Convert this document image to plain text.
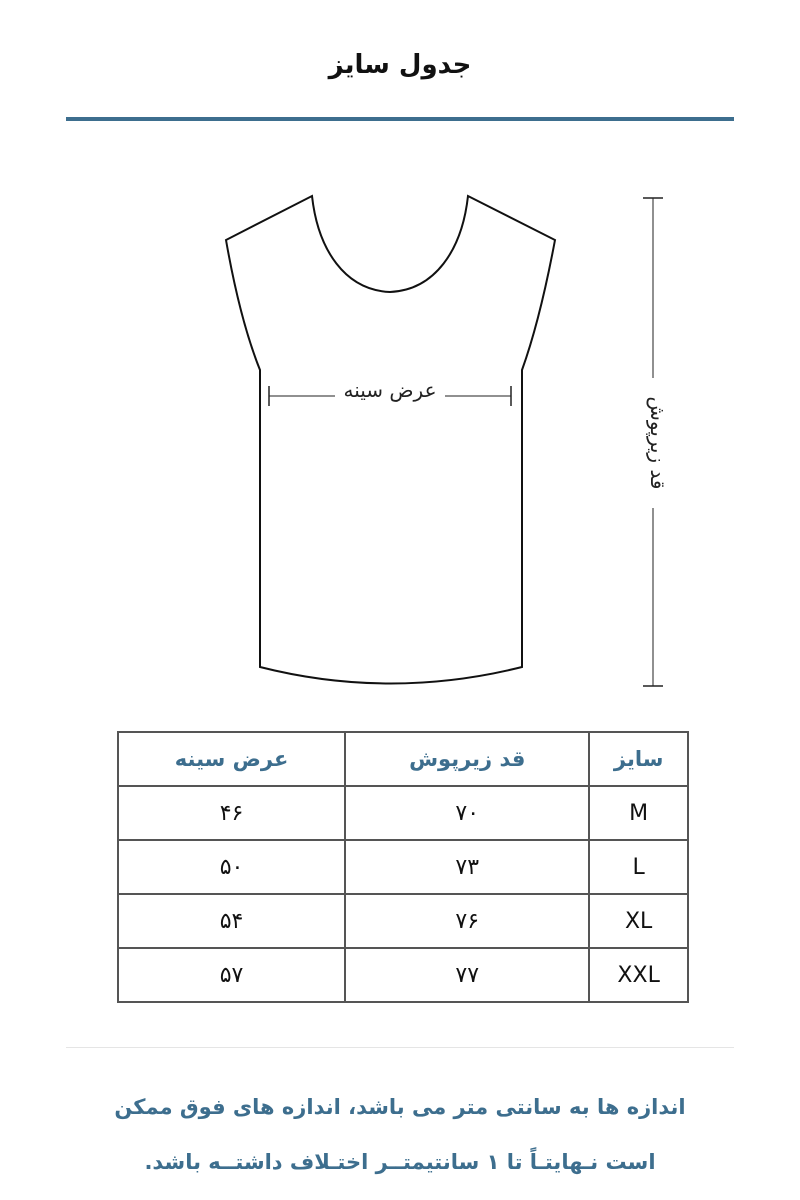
جدول سایز
عرض سینه
قد زیرپوش
سایز	قد زیرپوش	عرض سینه
M	۷۰	۴۶
L	۷۳	۵۰
XL	۷۶	۵۴
XXL	۷۷	۵۷
اندازه ها به سانتی متر می باشد، اندازه های فوق ممکن
است نـهایتـاً تا ۱ سانتیمتــر اختـلاف داشتــه باشد.
